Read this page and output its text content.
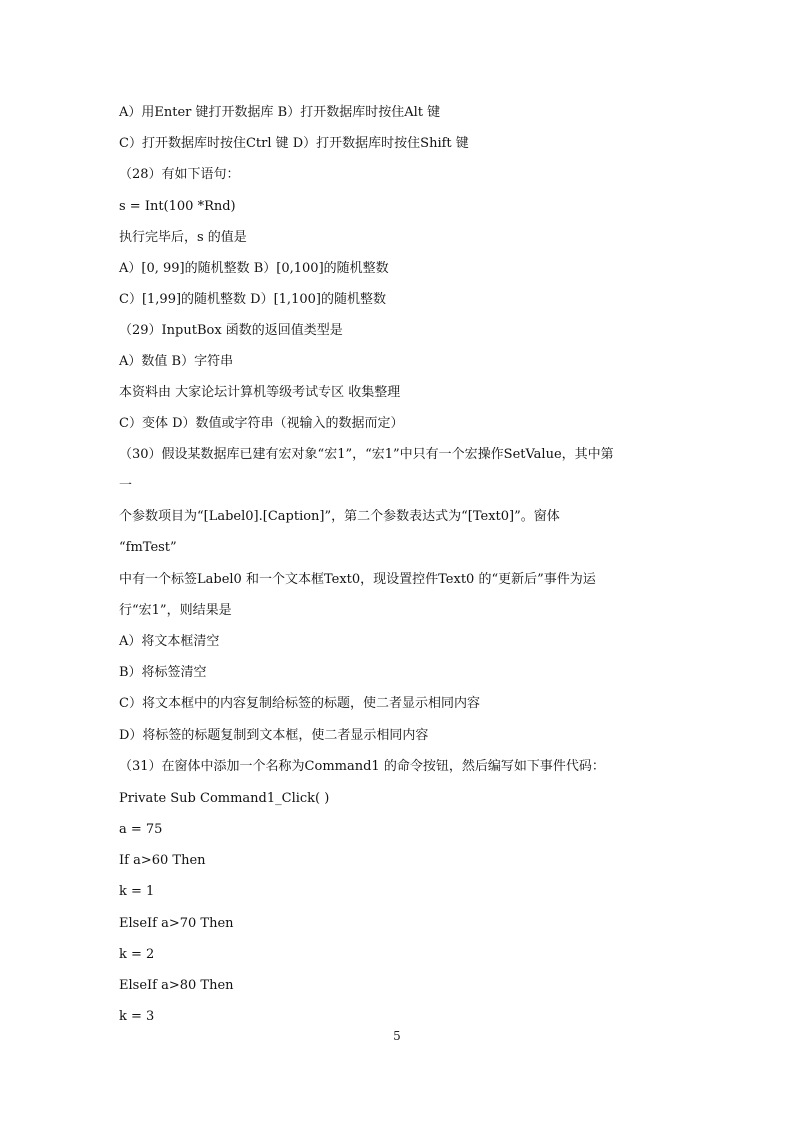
A）用Enter 键打开数据库 B）打开数据库时按住Alt 键
C）打开数据库时按住Ctrl 键 D）打开数据库时按住Shift 键
（28）有如下语句：
s = Int(100 *Rnd)
执行完毕后，s 的值是
A）[0, 99]的随机整数 B）[0,100]的随机整数
C）[1,99]的随机整数 D）[1,100]的随机整数
（29）InputBox 函数的返回值类型是
A）数值 B）字符串
本资料由 大家论坛计算机等级考试专区 收集整理
C）变体 D）数值或字符串（视输入的数据而定）
（30）假设某数据库已建有宏对象“宏1”，“宏1”中只有一个宏操作SetValue，其中第
一
个参数项目为“[Label0].[Caption]”，第二个参数表达式为“[Text0]”。窗体
“fmTest”
中有一个标签Label0 和一个文本框Text0，现设置控件Text0 的“更新后”事件为运
行“宏1”，则结果是
A）将文本框清空
B）将标签清空
C）将文本框中的内容复制给标签的标题，使二者显示相同内容
D）将标签的标题复制到文本框，使二者显示相同内容
（31）在窗体中添加一个名称为Command1 的命令按钮，然后编写如下事件代码：
Private Sub Command1_Click( )
a = 75
If a>60 Then
k = 1
ElseIf a>70 Then
k = 2
ElseIf a>80 Then
k = 3
5
